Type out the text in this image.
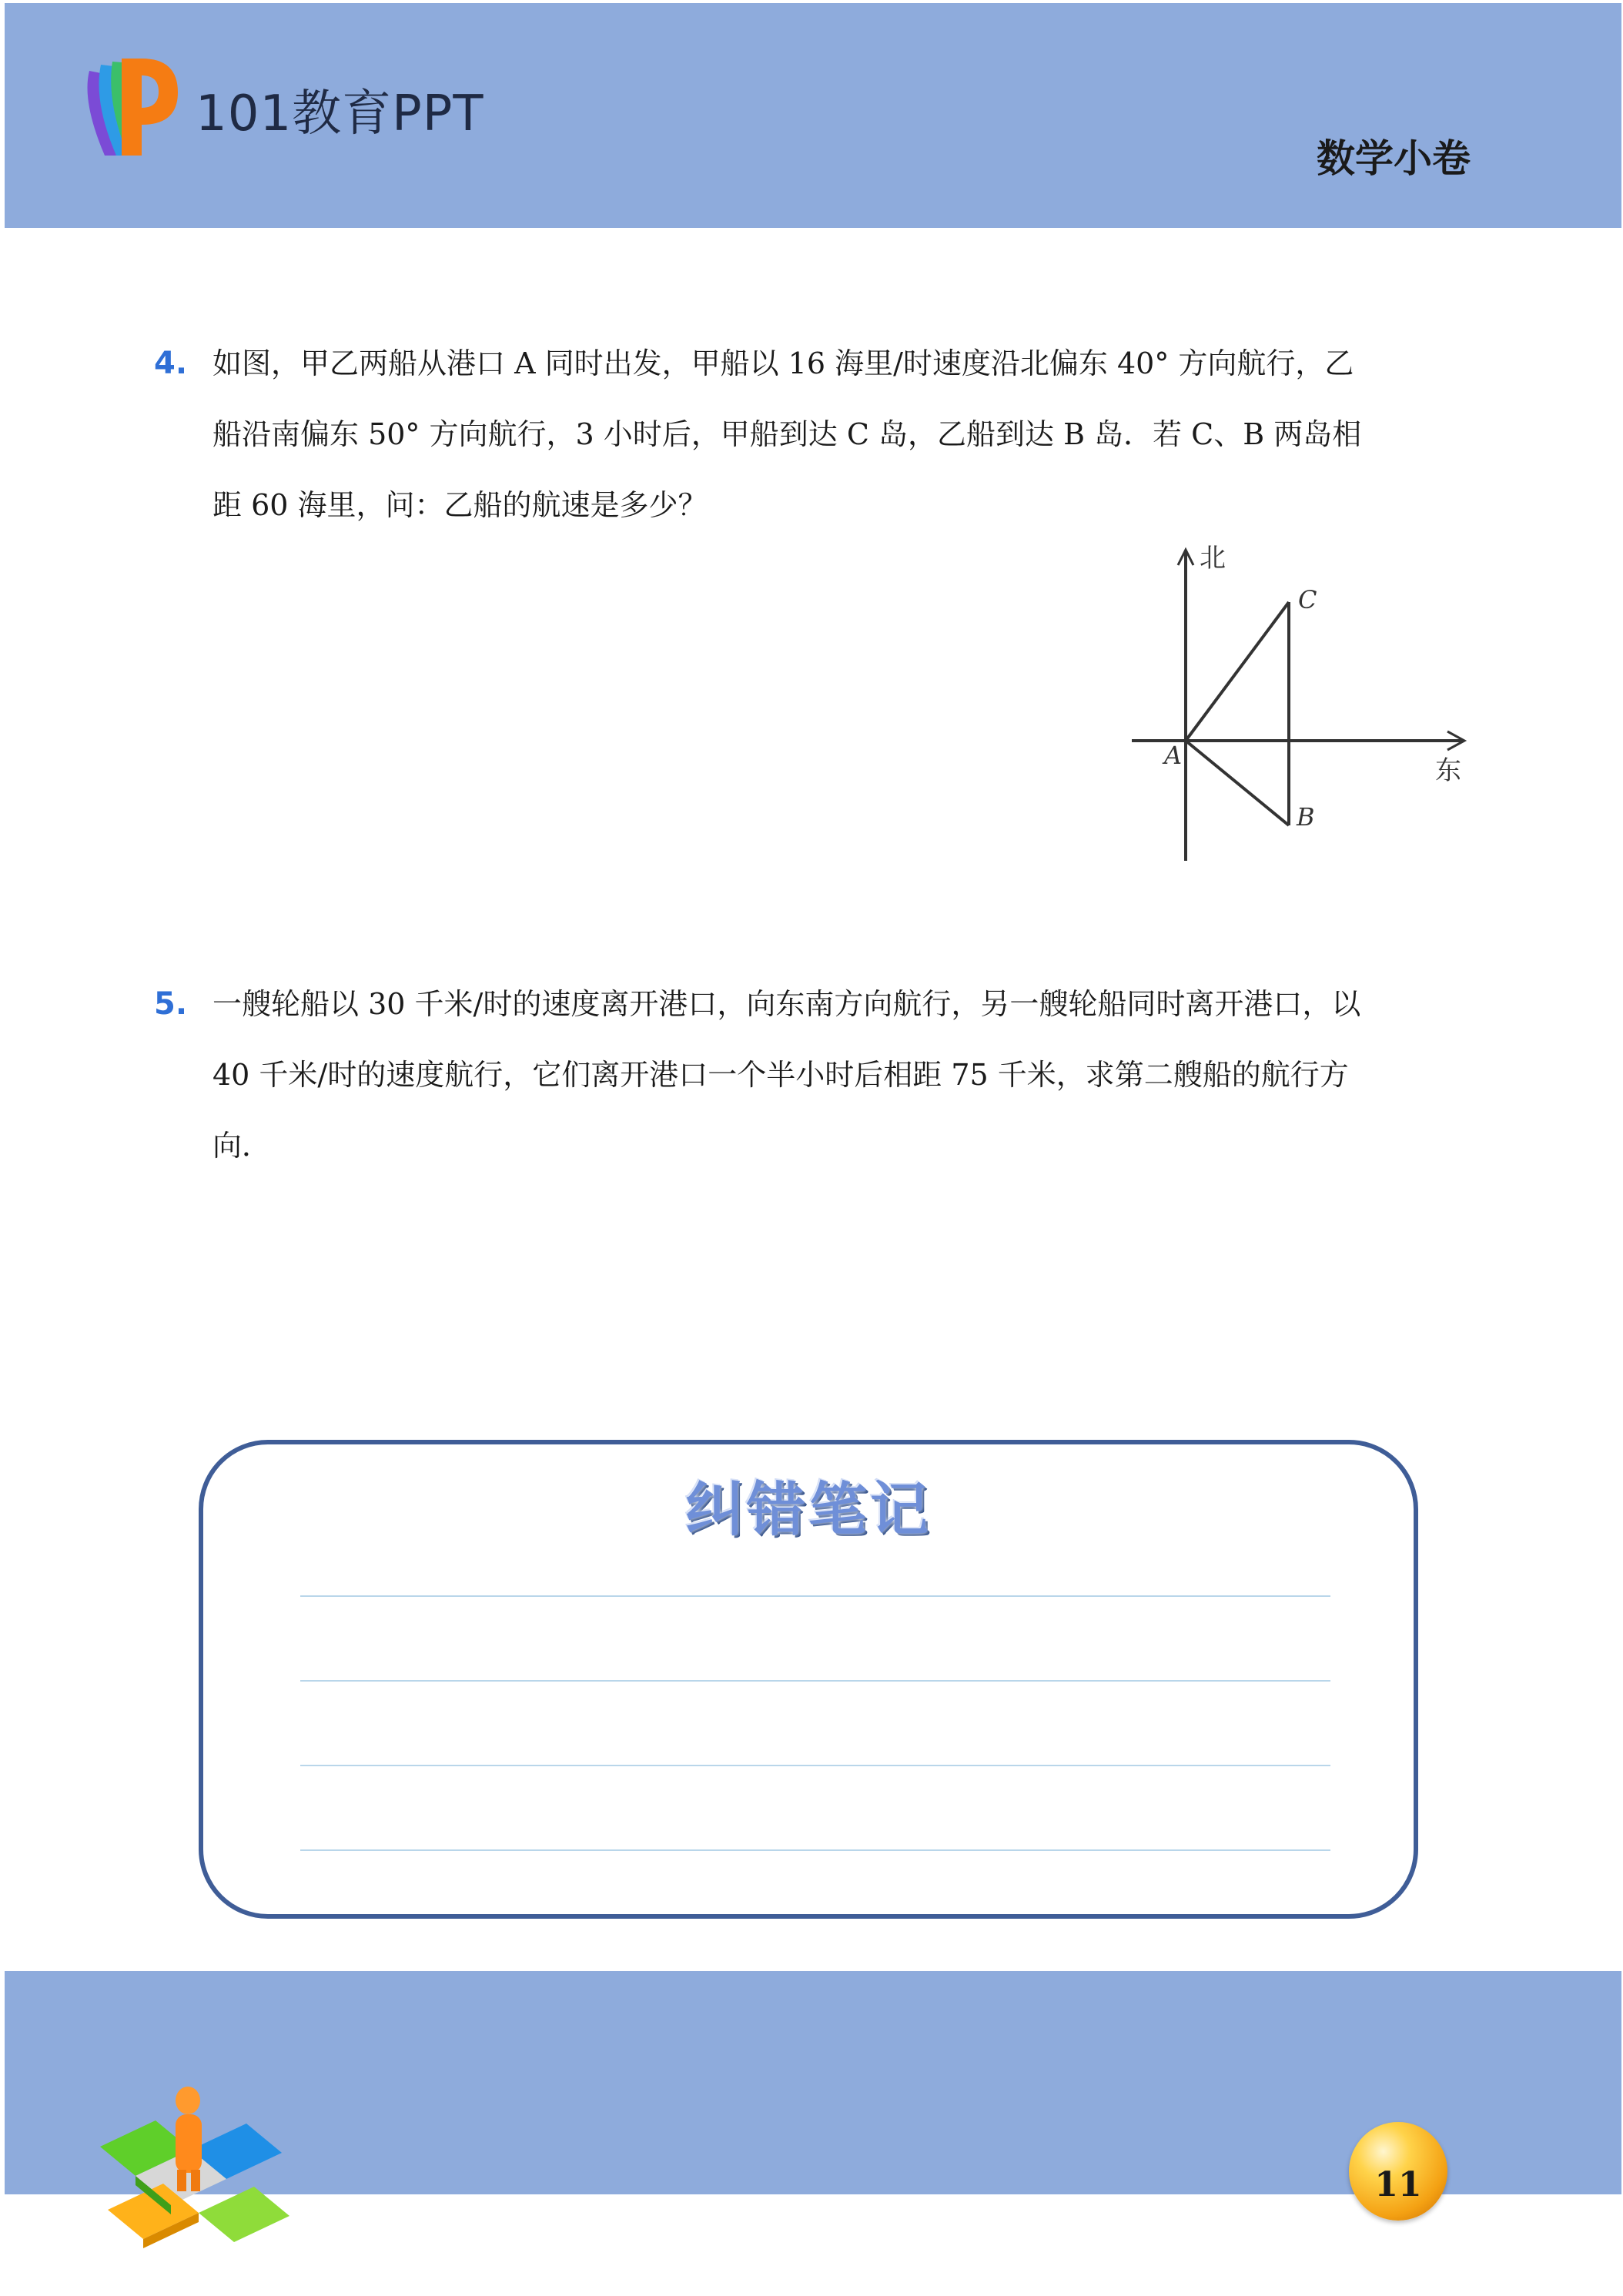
101教育PPT
数学小卷
4. 如图，甲乙两船从港口 A 同时出发，甲船以 16 海里/时速度沿北偏东 40° 方向航行，乙
船沿南偏东 50° 方向航行，3 小时后，甲船到达 C 岛，乙船到达 B 岛．若 C、B 两岛相
距 60 海里，问：乙船的航速是多少？
北
东
A
C
B
5. 一艘轮船以 30 千米/时的速度离开港口，向东南方向航行，另一艘轮船同时离开港口，以
40 千米/时的速度航行，它们离开港口一个半小时后相距 75 千米，求第二艘船的航行方
向．
纠错笔记
11
